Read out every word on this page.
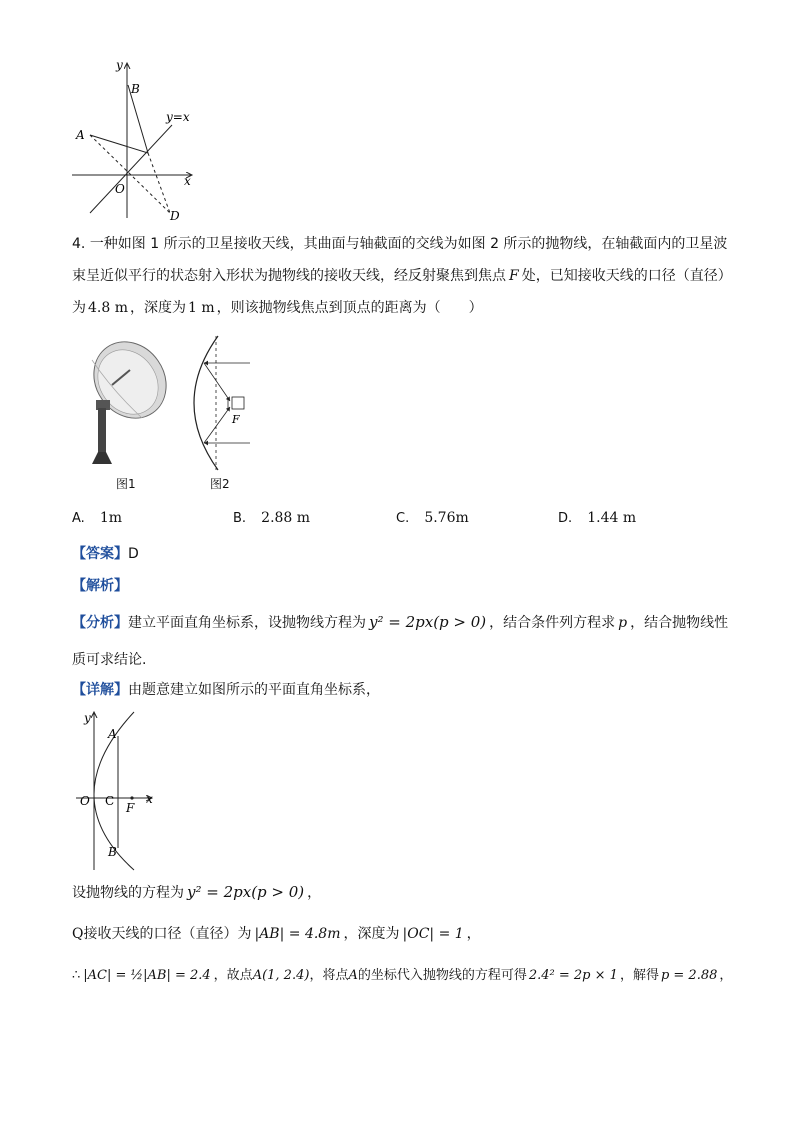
y
B
y=x
A
O
x
D
4. 一种如图 1 所示的卫星接收天线，其曲面与轴截面的交线为如图 2 所示的抛物线，在轴截面内的卫星波
束呈近似平行的状态射入形状为抛物线的接收天线，经反射聚焦到焦点 F 处，已知接收天线的口径（直径）
为 4.8 m ，深度为 1 m ，则该抛物线焦点到顶点的距离为（　　）
图1
F
图2
A. 1m	B. 2.88 m	C. 5.76m	D. 1.44 m
【答案】D
【解析】
【分析】建立平面直角坐标系，设抛物线方程为 y² = 2px(p > 0) ，结合条件列方程求 p ，结合抛物线性
质可求结论.
【详解】由题意建立如图所示的平面直角坐标系，
y
A
O C F
x
B
设抛物线的方程为 y² = 2px(p > 0) ，
Q接收天线的口径（直径）为 |AB| = 4.8m ，深度为 |OC| = 1 ，
∴ |AC| = ½|AB| = 2.4 ，故点A(1, 2.4)，将点A的坐标代入抛物线的方程可得 2.4² = 2p × 1 ，解得 p = 2.88 ，
